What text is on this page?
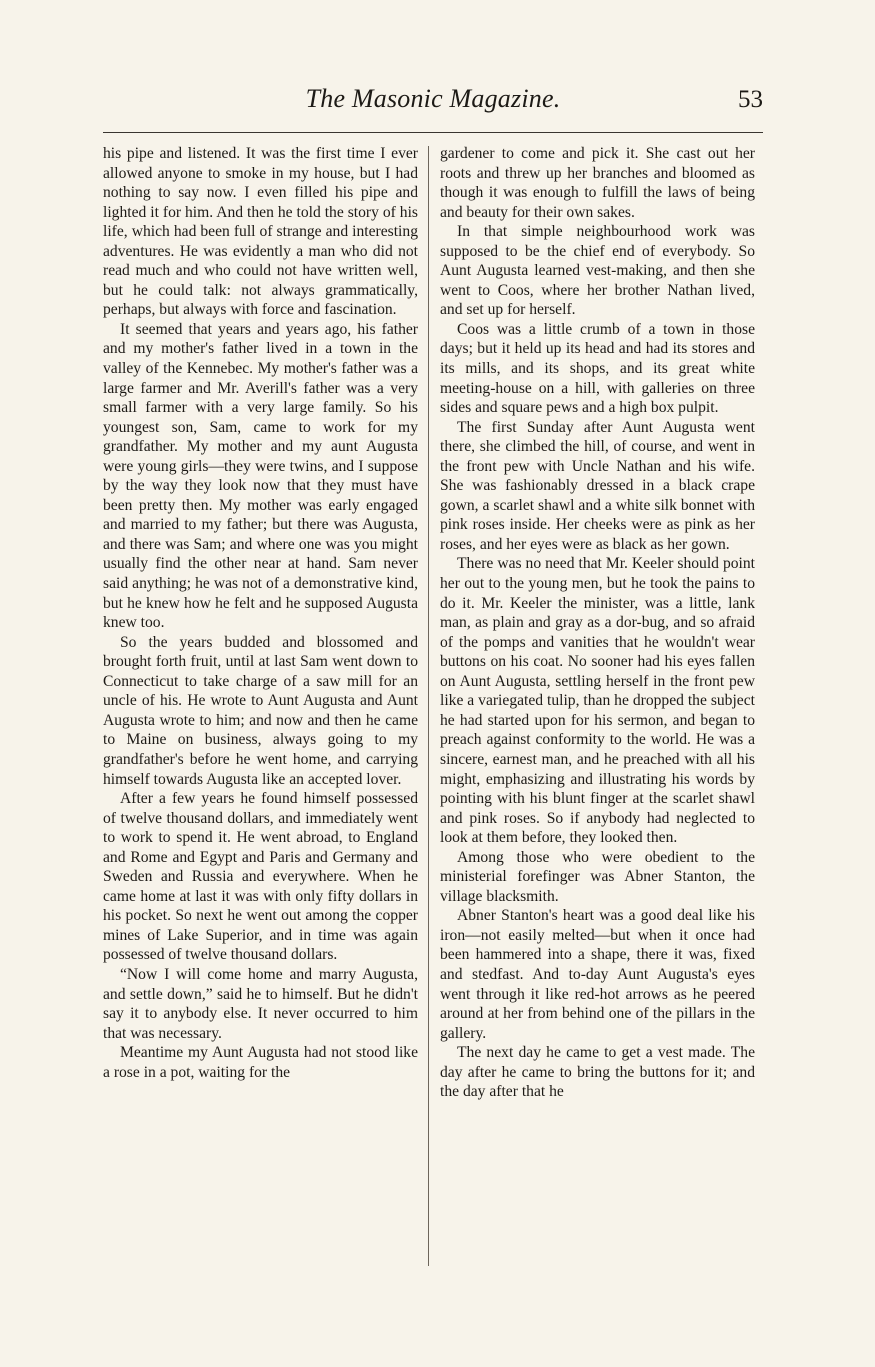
The Masonic Magazine.	53

his pipe and listened. It was the first time I ever allowed anyone to smoke in my house, but I had nothing to say now. I even filled his pipe and lighted it for him. And then he told the story of his life, which had been full of strange and interesting adventures. He was evidently a man who did not read much and who could not have written well, but he could talk: not always grammatically, perhaps, but always with force and fascination.

It seemed that years and years ago, his father and my mother's father lived in a town in the valley of the Kennebec. My mother's father was a large farmer and Mr. Averill's father was a very small farmer with a very large family. So his youngest son, Sam, came to work for my grandfather. My mother and my aunt Augusta were young girls—they were twins, and I suppose by the way they look now that they must have been pretty then. My mother was early engaged and married to my father; but there was Augusta, and there was Sam; and where one was you might usually find the other near at hand. Sam never said anything; he was not of a demonstrative kind, but he knew how he felt and he supposed Augusta knew too.

So the years budded and blossomed and brought forth fruit, until at last Sam went down to Connecticut to take charge of a saw mill for an uncle of his. He wrote to Aunt Augusta and Aunt Augusta wrote to him; and now and then he came to Maine on business, always going to my grandfather's before he went home, and carrying himself towards Augusta like an accepted lover.

After a few years he found himself possessed of twelve thousand dollars, and immediately went to work to spend it. He went abroad, to England and Rome and Egypt and Paris and Germany and Sweden and Russia and everywhere. When he came home at last it was with only fifty dollars in his pocket. So next he went out among the copper mines of Lake Superior, and in time was again possessed of twelve thousand dollars.

“Now I will come home and marry Augusta, and settle down,” said he to himself. But he didn't say it to anybody else. It never occurred to him that was necessary.

Meantime my Aunt Augusta had not stood like a rose in a pot, waiting for the

gardener to come and pick it. She cast out her roots and threw up her branches and bloomed as though it was enough to fulfill the laws of being and beauty for their own sakes.

In that simple neighbourhood work was supposed to be the chief end of everybody. So Aunt Augusta learned vest-making, and then she went to Coos, where her brother Nathan lived, and set up for herself.

Coos was a little crumb of a town in those days; but it held up its head and had its stores and its mills, and its shops, and its great white meeting-house on a hill, with galleries on three sides and square pews and a high box pulpit.

The first Sunday after Aunt Augusta went there, she climbed the hill, of course, and went in the front pew with Uncle Nathan and his wife. She was fashionably dressed in a black crape gown, a scarlet shawl and a white silk bonnet with pink roses inside. Her cheeks were as pink as her roses, and her eyes were as black as her gown.

There was no need that Mr. Keeler should point her out to the young men, but he took the pains to do it. Mr. Keeler the minister, was a little, lank man, as plain and gray as a dor-bug, and so afraid of the pomps and vanities that he wouldn't wear buttons on his coat. No sooner had his eyes fallen on Aunt Augusta, settling herself in the front pew like a variegated tulip, than he dropped the subject he had started upon for his sermon, and began to preach against conformity to the world. He was a sincere, earnest man, and he preached with all his might, emphasizing and illustrating his words by pointing with his blunt finger at the scarlet shawl and pink roses. So if anybody had neglected to look at them before, they looked then.

Among those who were obedient to the ministerial forefinger was Abner Stanton, the village blacksmith.

Abner Stanton's heart was a good deal like his iron—not easily melted—but when it once had been hammered into a shape, there it was, fixed and stedfast. And to-day Aunt Augusta's eyes went through it like red-hot arrows as he peered around at her from behind one of the pillars in the gallery.

The next day he came to get a vest made. The day after he came to bring the buttons for it; and the day after that he
